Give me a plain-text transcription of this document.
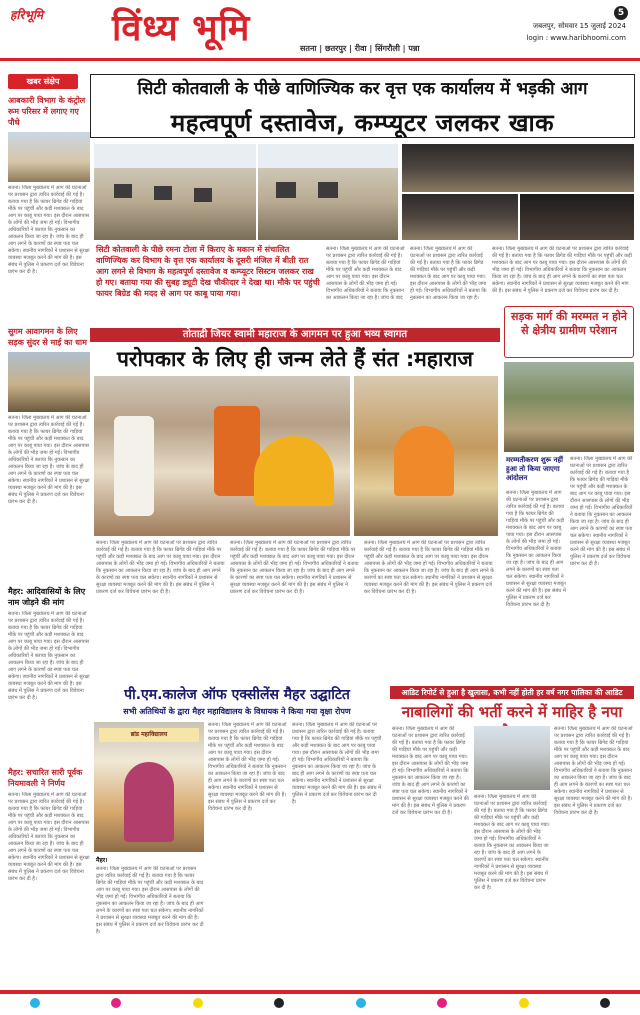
हरिभूमि विंध्य भूमि	सतना | छतरपुर | रीवा | सिंगरौली | पन्ना
5
जबलपुर, सोमवार 15 जुलाई 2024
login : www.haribhoomi.com
खबर संक्षेप
आबकारी विभाग के कंट्रोल रूम परिसर में लगाए गए पौधे
सतना। जिला मुख्यालय में आग की घटनाओं पर प्रशासन द्वारा त्वरित कार्रवाई की गई है। बताया गया है कि फायर ब्रिगेड की गाड़ियां मौके पर पहुंचीं और कड़ी मशक्कत के बाद आग पर काबू पाया गया। इस दौरान आसपास के लोगों की भीड़ जमा हो गई। विभागीय अधिकारियों ने बताया कि नुकसान का आकलन किया जा रहा है। जांच के बाद ही आग लगने के कारणों का स्पष्ट पता चल सकेगा। स्थानीय नागरिकों ने प्रशासन से सुरक्षा व्यवस्था मजबूत करने की मांग की है। इस संबंध में पुलिस ने प्रकरण दर्ज कर विवेचना प्रारंभ कर दी है।
सुगम आवागमन के लिए सड़क सुंदर से माई का धाम
सतना। जिला मुख्यालय में आग की घटनाओं पर प्रशासन द्वारा त्वरित कार्रवाई की गई है। बताया गया है कि फायर ब्रिगेड की गाड़ियां मौके पर पहुंचीं और कड़ी मशक्कत के बाद आग पर काबू पाया गया। इस दौरान आसपास के लोगों की भीड़ जमा हो गई। विभागीय अधिकारियों ने बताया कि नुकसान का आकलन किया जा रहा है। जांच के बाद ही आग लगने के कारणों का स्पष्ट पता चल सकेगा। स्थानीय नागरिकों ने प्रशासन से सुरक्षा व्यवस्था मजबूत करने की मांग की है। इस संबंध में पुलिस ने प्रकरण दर्ज कर विवेचना प्रारंभ कर दी है।
मैहर: आदिवासियों के लिए नाम जोड़ने की मांग
सतना। जिला मुख्यालय में आग की घटनाओं पर प्रशासन द्वारा त्वरित कार्रवाई की गई है। बताया गया है कि फायर ब्रिगेड की गाड़ियां मौके पर पहुंचीं और कड़ी मशक्कत के बाद आग पर काबू पाया गया। इस दौरान आसपास के लोगों की भीड़ जमा हो गई। विभागीय अधिकारियों ने बताया कि नुकसान का आकलन किया जा रहा है। जांच के बाद ही आग लगने के कारणों का स्पष्ट पता चल सकेगा। स्थानीय नागरिकों ने प्रशासन से सुरक्षा व्यवस्था मजबूत करने की मांग की है। इस संबंध में पुलिस ने प्रकरण दर्ज कर विवेचना प्रारंभ कर दी है।
मैहर: सचारित सारी पूर्वक नियमावली ने निर्णय
सतना। जिला मुख्यालय में आग की घटनाओं पर प्रशासन द्वारा त्वरित कार्रवाई की गई है। बताया गया है कि फायर ब्रिगेड की गाड़ियां मौके पर पहुंचीं और कड़ी मशक्कत के बाद आग पर काबू पाया गया। इस दौरान आसपास के लोगों की भीड़ जमा हो गई। विभागीय अधिकारियों ने बताया कि नुकसान का आकलन किया जा रहा है। जांच के बाद ही आग लगने के कारणों का स्पष्ट पता चल सकेगा। स्थानीय नागरिकों ने प्रशासन से सुरक्षा व्यवस्था मजबूत करने की मांग की है। इस संबंध में पुलिस ने प्रकरण दर्ज कर विवेचना प्रारंभ कर दी है।
सिटी कोतवाली के पीछे वाणिज्यिक कर वृत्त एक कार्यालय में भड़की आग
महत्वपूर्ण दस्तावेज, कम्प्यूटर जलकर खाक
सिटी कोतवाली के पीछे रमना टोला में किराए के मकान में संचालित वाणिज्यिक कर विभाग के वृत्त एक कार्यालय के दूसरी मंजिल में बीती रात आग लगने से विभाग के महत्वपूर्ण दस्तावेज व कम्प्यूटर सिस्टम जलकर राख हो गए। बताया गया की सुबह ड्यूटी देख चौकीदार ने देखा था। मौके पर पहुंची फायर बिग्रेड की मदद से आग पर काबू पाया गया।
सतना। जिला मुख्यालय में आग की घटनाओं पर प्रशासन द्वारा त्वरित कार्रवाई की गई है। बताया गया है कि फायर ब्रिगेड की गाड़ियां मौके पर पहुंचीं और कड़ी मशक्कत के बाद आग पर काबू पाया गया। इस दौरान आसपास के लोगों की भीड़ जमा हो गई। विभागीय अधिकारियों ने बताया कि नुकसान का आकलन किया जा रहा है। जांच के बाद
सतना। जिला मुख्यालय में आग की घटनाओं पर प्रशासन द्वारा त्वरित कार्रवाई की गई है। बताया गया है कि फायर ब्रिगेड की गाड़ियां मौके पर पहुंचीं और कड़ी मशक्कत के बाद आग पर काबू पाया गया। इस दौरान आसपास के लोगों की भीड़ जमा हो गई। विभागीय अधिकारियों ने बताया कि नुकसान का आकलन किया जा रहा है।
सतना। जिला मुख्यालय में आग की घटनाओं पर प्रशासन द्वारा त्वरित कार्रवाई की गई है। बताया गया है कि फायर ब्रिगेड की गाड़ियां मौके पर पहुंचीं और कड़ी मशक्कत के बाद आग पर काबू पाया गया। इस दौरान आसपास के लोगों की भीड़ जमा हो गई। विभागीय अधिकारियों ने बताया कि नुकसान का आकलन किया जा रहा है। जांच के बाद ही आग लगने के कारणों का स्पष्ट पता चल सकेगा। स्थानीय नागरिकों ने प्रशासन से सुरक्षा व्यवस्था मजबूत करने की मांग की है। इस संबंध में पुलिस ने प्रकरण दर्ज कर विवेचना प्रारंभ कर दी है।
तोताद्री जियर स्वामी महाराज के आगमन पर हुआ भव्य स्वागत
परोपकार के लिए ही जन्म लेते हैं संत :महाराज
सतना। जिला मुख्यालय में आग की घटनाओं पर प्रशासन द्वारा त्वरित कार्रवाई की गई है। बताया गया है कि फायर ब्रिगेड की गाड़ियां मौके पर पहुंचीं और कड़ी मशक्कत के बाद आग पर काबू पाया गया। इस दौरान आसपास के लोगों की भीड़ जमा हो गई। विभागीय अधिकारियों ने बताया कि नुकसान का आकलन किया जा रहा है। जांच के बाद ही आग लगने के कारणों का स्पष्ट पता चल सकेगा। स्थानीय नागरिकों ने प्रशासन से सुरक्षा व्यवस्था मजबूत करने की मांग की है। इस संबंध में पुलिस ने प्रकरण दर्ज कर विवेचना प्रारंभ कर दी है।
सतना। जिला मुख्यालय में आग की घटनाओं पर प्रशासन द्वारा त्वरित कार्रवाई की गई है। बताया गया है कि फायर ब्रिगेड की गाड़ियां मौके पर पहुंचीं और कड़ी मशक्कत के बाद आग पर काबू पाया गया। इस दौरान आसपास के लोगों की भीड़ जमा हो गई। विभागीय अधिकारियों ने बताया कि नुकसान का आकलन किया जा रहा है। जांच के बाद ही आग लगने के कारणों का स्पष्ट पता चल सकेगा। स्थानीय नागरिकों ने प्रशासन से सुरक्षा व्यवस्था मजबूत करने की मांग की है। इस संबंध में पुलिस ने प्रकरण दर्ज कर विवेचना प्रारंभ कर दी है।
सतना। जिला मुख्यालय में आग की घटनाओं पर प्रशासन द्वारा त्वरित कार्रवाई की गई है। बताया गया है कि फायर ब्रिगेड की गाड़ियां मौके पर पहुंचीं और कड़ी मशक्कत के बाद आग पर काबू पाया गया। इस दौरान आसपास के लोगों की भीड़ जमा हो गई। विभागीय अधिकारियों ने बताया कि नुकसान का आकलन किया जा रहा है। जांच के बाद ही आग लगने के कारणों का स्पष्ट पता चल सकेगा। स्थानीय नागरिकों ने प्रशासन से सुरक्षा व्यवस्था मजबूत करने की मांग की है। इस संबंध में पुलिस ने प्रकरण दर्ज कर विवेचना प्रारंभ कर दी है।
सड़क मार्ग की मरम्मत न होने से क्षेत्रीय ग्रामीण परेशान
मरम्मतीकरण शुरू नहीं हुआ तो किया जाएगा आंदोलन
सतना। जिला मुख्यालय में आग की घटनाओं पर प्रशासन द्वारा त्वरित कार्रवाई की गई है। बताया गया है कि फायर ब्रिगेड की गाड़ियां मौके पर पहुंचीं और कड़ी मशक्कत के बाद आग पर काबू पाया गया। इस दौरान आसपास के लोगों की भीड़ जमा हो गई। विभागीय अधिकारियों ने बताया कि नुकसान का आकलन किया जा रहा है। जांच के बाद ही आग लगने के कारणों का स्पष्ट पता चल सकेगा। स्थानीय नागरिकों ने प्रशासन से सुरक्षा व्यवस्था मजबूत करने की मांग की है। इस संबंध में पुलिस ने प्रकरण दर्ज कर विवेचना प्रारंभ कर दी है।
सतना। जिला मुख्यालय में आग की घटनाओं पर प्रशासन द्वारा त्वरित कार्रवाई की गई है। बताया गया है कि फायर ब्रिगेड की गाड़ियां मौके पर पहुंचीं और कड़ी मशक्कत के बाद आग पर काबू पाया गया। इस दौरान आसपास के लोगों की भीड़ जमा हो गई। विभागीय अधिकारियों ने बताया कि नुकसान का आकलन किया जा रहा है। जांच के बाद ही आग लगने के कारणों का स्पष्ट पता चल सकेगा। स्थानीय नागरिकों ने प्रशासन से सुरक्षा व्यवस्था मजबूत करने की मांग की है। इस संबंध में पुलिस ने प्रकरण दर्ज कर विवेचना प्रारंभ कर दी है।
पी.एम.कालेज ऑफ एक्सीलेंस मैहर उद्घाटित
सभी अतिथियों के द्वारा मैहर महाविद्यालय के विधायक ने किया गया वृक्षा रोपण
ब्रांड महाविद्यालय
मैहर।
सतना। जिला मुख्यालय में आग की घटनाओं पर प्रशासन द्वारा त्वरित कार्रवाई की गई है। बताया गया है कि फायर ब्रिगेड की गाड़ियां मौके पर पहुंचीं और कड़ी मशक्कत के बाद आग पर काबू पाया गया। इस दौरान आसपास के लोगों की भीड़ जमा हो गई। विभागीय अधिकारियों ने बताया कि नुकसान का आकलन किया जा रहा है। जांच के बाद ही आग लगने के कारणों का स्पष्ट पता चल सकेगा। स्थानीय नागरिकों ने प्रशासन से सुरक्षा व्यवस्था मजबूत करने की मांग की है। इस संबंध में पुलिस ने प्रकरण दर्ज कर विवेचना प्रारंभ कर दी है।
सतना। जिला मुख्यालय में आग की घटनाओं पर प्रशासन द्वारा त्वरित कार्रवाई की गई है। बताया गया है कि फायर ब्रिगेड की गाड़ियां मौके पर पहुंचीं और कड़ी मशक्कत के बाद आग पर काबू पाया गया। इस दौरान आसपास के लोगों की भीड़ जमा हो गई। विभागीय अधिकारियों ने बताया कि नुकसान का आकलन किया जा रहा है। जांच के बाद ही आग लगने के कारणों का स्पष्ट पता चल सकेगा। स्थानीय नागरिकों ने प्रशासन से सुरक्षा व्यवस्था मजबूत करने की मांग की है। इस संबंध में पुलिस ने प्रकरण दर्ज कर विवेचना प्रारंभ कर दी है।
सतना। जिला मुख्यालय में आग की घटनाओं पर प्रशासन द्वारा त्वरित कार्रवाई की गई है। बताया गया है कि फायर ब्रिगेड की गाड़ियां मौके पर पहुंचीं और कड़ी मशक्कत के बाद आग पर काबू पाया गया। इस दौरान आसपास के लोगों की भीड़ जमा हो गई। विभागीय अधिकारियों ने बताया कि नुकसान का आकलन किया जा रहा है। जांच के बाद ही आग लगने के कारणों का स्पष्ट पता चल सकेगा। स्थानीय नागरिकों ने प्रशासन से सुरक्षा व्यवस्था मजबूत करने की मांग की है। इस संबंध में पुलिस ने प्रकरण दर्ज कर विवेचना प्रारंभ कर दी है।
आडिट रिपोर्ट से हुआ है खुलासा, कभी नहीं होती हर वर्ष नगर पालिका की आडिट
नाबालिगों की भर्ती करने में माहिर है नपा
सतना। जिला मुख्यालय में आग की घटनाओं पर प्रशासन द्वारा त्वरित कार्रवाई की गई है। बताया गया है कि फायर ब्रिगेड की गाड़ियां मौके पर पहुंचीं और कड़ी मशक्कत के बाद आग पर काबू पाया गया। इस दौरान आसपास के लोगों की भीड़ जमा हो गई। विभागीय अधिकारियों ने बताया कि नुकसान का आकलन किया जा रहा है। जांच के बाद ही आग लगने के कारणों का स्पष्ट पता चल सकेगा। स्थानीय नागरिकों ने प्रशासन से सुरक्षा व्यवस्था मजबूत करने की मांग की है। इस संबंध में पुलिस ने प्रकरण दर्ज कर विवेचना प्रारंभ कर दी है।
सतना। जिला मुख्यालय में आग की घटनाओं पर प्रशासन द्वारा त्वरित कार्रवाई की गई है। बताया गया है कि फायर ब्रिगेड की गाड़ियां मौके पर पहुंचीं और कड़ी मशक्कत के बाद आग पर काबू पाया गया। इस दौरान आसपास के लोगों की भीड़ जमा हो गई। विभागीय अधिकारियों ने बताया कि नुकसान का आकलन किया जा रहा है। जांच के बाद ही आग लगने के कारणों का स्पष्ट पता चल सकेगा। स्थानीय नागरिकों ने प्रशासन से सुरक्षा व्यवस्था मजबूत करने की मांग की है। इस संबंध में पुलिस ने प्रकरण दर्ज कर विवेचना प्रारंभ कर दी है।
सतना। जिला मुख्यालय में आग की घटनाओं पर प्रशासन द्वारा त्वरित कार्रवाई की गई है। बताया गया है कि फायर ब्रिगेड की गाड़ियां मौके पर पहुंचीं और कड़ी मशक्कत के बाद आग पर काबू पाया गया। इस दौरान आसपास के लोगों की भीड़ जमा हो गई। विभागीय अधिकारियों ने बताया कि नुकसान का आकलन किया जा रहा है। जांच के बाद ही आग लगने के कारणों का स्पष्ट पता चल सकेगा। स्थानीय नागरिकों ने प्रशासन से सुरक्षा व्यवस्था मजबूत करने की मांग की है। इस संबंध में पुलिस ने प्रकरण दर्ज कर विवेचना प्रारंभ कर दी है।
